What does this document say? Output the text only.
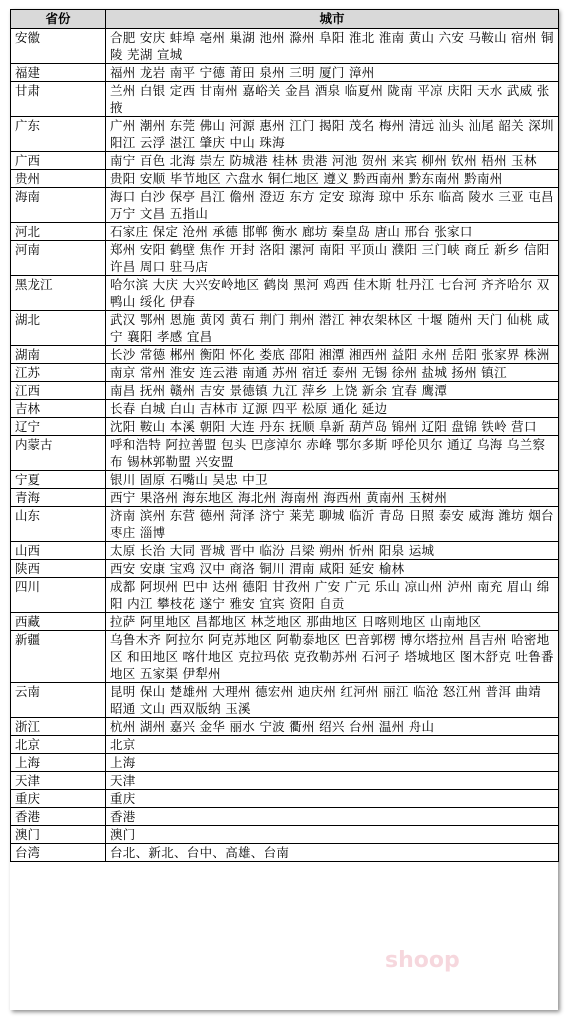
省份	城市
安徽	合肥 安庆 蚌埠 亳州 巢湖 池州 滁州 阜阳 淮北 淮南 黄山 六安 马鞍山 宿州 铜陵 芜湖 宣城
福建	福州 龙岩 南平 宁德 莆田 泉州 三明 厦门 漳州
甘肃	兰州 白银 定西 甘南州 嘉峪关 金昌 酒泉 临夏州 陇南 平凉 庆阳 天水 武威 张掖
广东	广州 潮州 东莞 佛山 河源 惠州 江门 揭阳 茂名 梅州 清远 汕头 汕尾 韶关 深圳 阳江 云浮 湛江 肇庆 中山 珠海
广西	南宁 百色 北海 崇左 防城港 桂林 贵港 河池 贺州 来宾 柳州 钦州 梧州 玉林
贵州	贵阳 安顺 毕节地区 六盘水 铜仁地区 遵义 黔西南州 黔东南州 黔南州
海南	海口 白沙 保亭 昌江 儋州 澄迈 东方 定安 琼海 琼中 乐东 临高 陵水 三亚 屯昌 万宁 文昌 五指山
河北	石家庄 保定 沧州 承德 邯郸 衡水 廊坊 秦皇岛 唐山 邢台 张家口
河南	郑州 安阳 鹤壁 焦作 开封 洛阳 漯河 南阳 平顶山 濮阳 三门峡 商丘 新乡 信阳 许昌 周口 驻马店
黑龙江	哈尔滨 大庆 大兴安岭地区 鹤岗 黑河 鸡西 佳木斯 牡丹江 七台河 齐齐哈尔 双鸭山 绥化 伊春
湖北	武汉 鄂州 恩施 黄冈 黄石 荆门 荆州 潜江 神农架林区 十堰 随州 天门 仙桃 咸宁 襄阳 孝感 宜昌
湖南	长沙 常德 郴州 衡阳 怀化 娄底 邵阳 湘潭 湘西州 益阳 永州 岳阳 张家界 株洲
江苏	南京 常州 淮安 连云港 南通 苏州 宿迁 泰州 无锡 徐州 盐城 扬州 镇江
江西	南昌 抚州 赣州 吉安 景德镇 九江 萍乡 上饶 新余 宜春 鹰潭
吉林	长春 白城 白山 吉林市 辽源 四平 松原 通化 延边
辽宁	沈阳 鞍山 本溪 朝阳 大连 丹东 抚顺 阜新 葫芦岛 锦州 辽阳 盘锦 铁岭 营口
内蒙古	呼和浩特 阿拉善盟 包头 巴彦淖尔 赤峰 鄂尔多斯 呼伦贝尔 通辽 乌海 乌兰察布 锡林郭勒盟 兴安盟
宁夏	银川 固原 石嘴山 吴忠 中卫
青海	西宁 果洛州 海东地区 海北州 海南州 海西州 黄南州 玉树州
山东	济南 滨州 东营 德州 菏泽 济宁 莱芜 聊城 临沂 青岛 日照 泰安 威海 潍坊 烟台 枣庄 淄博
山西	太原 长治 大同 晋城 晋中 临汾 吕梁 朔州 忻州 阳泉 运城
陕西	西安 安康 宝鸡 汉中 商洛 铜川 渭南 咸阳 延安 榆林
四川	成都 阿坝州 巴中 达州 德阳 甘孜州 广安 广元 乐山 凉山州 泸州 南充 眉山 绵阳 内江 攀枝花 遂宁 雅安 宜宾 资阳 自贡
西藏	拉萨 阿里地区 昌都地区 林芝地区 那曲地区 日喀则地区 山南地区
新疆	乌鲁木齐 阿拉尔 阿克苏地区 阿勒泰地区 巴音郭楞 博尔塔拉州 昌吉州 哈密地区 和田地区 喀什地区 克拉玛依 克孜勒苏州 石河子 塔城地区 图木舒克 吐鲁番地区 五家渠 伊犁州
云南	昆明 保山 楚雄州 大理州 德宏州 迪庆州 红河州 丽江 临沧 怒江州 普洱 曲靖 昭通 文山 西双版纳 玉溪
浙江	杭州 湖州 嘉兴 金华 丽水 宁波 衢州 绍兴 台州 温州 舟山
北京	北京
上海	上海
天津	天津
重庆	重庆
香港	香港
澳门	澳门
台湾	台北、新北、台中、高雄、台南
shoop
